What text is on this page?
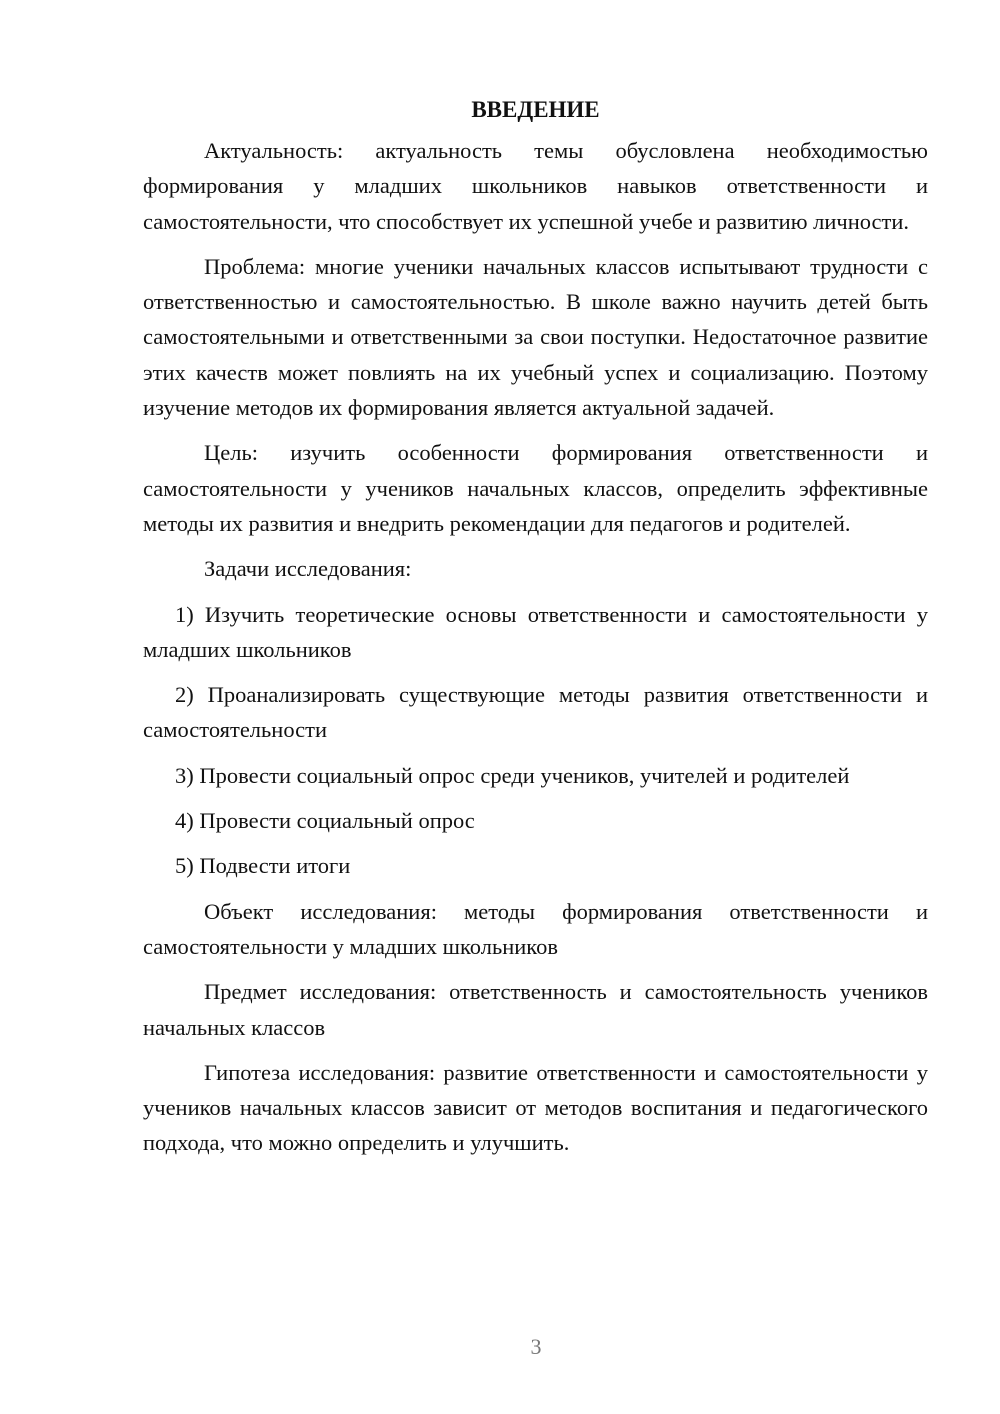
ВВЕДЕНИЕ

Актуальность: актуальность темы обусловлена необходимостью формирования у младших школьников навыков ответственности и самостоятельности, что способствует их успешной учебе и развитию личности.

Проблема: многие ученики начальных классов испытывают трудности с ответственностью и самостоятельностью. В школе важно научить детей быть самостоятельными и ответственными за свои поступки. Недостаточное развитие этих качеств может повлиять на их учебный успех и социализацию. Поэтому изучение методов их формирования является актуальной задачей.

Цель: изучить особенности формирования ответственности и самостоятельности у учеников начальных классов, определить эффективные методы их развития и внедрить рекомендации для педагогов и родителей.

Задачи исследования:

1) Изучить теоретические основы ответственности и самостоятельности у младших школьников

2) Проанализировать существующие методы развития ответственности и самостоятельности

3) Провести социальный опрос среди учеников, учителей и родителей

4) Провести социальный опрос

5) Подвести итоги

Объект исследования: методы формирования ответственности и самостоятельности у младших школьников

Предмет исследования: ответственность и самостоятельность учеников начальных классов

Гипотеза исследования: развитие ответственности и самостоятельности у учеников начальных классов зависит от методов воспитания и педагогического подхода, что можно определить и улучшить.

3
